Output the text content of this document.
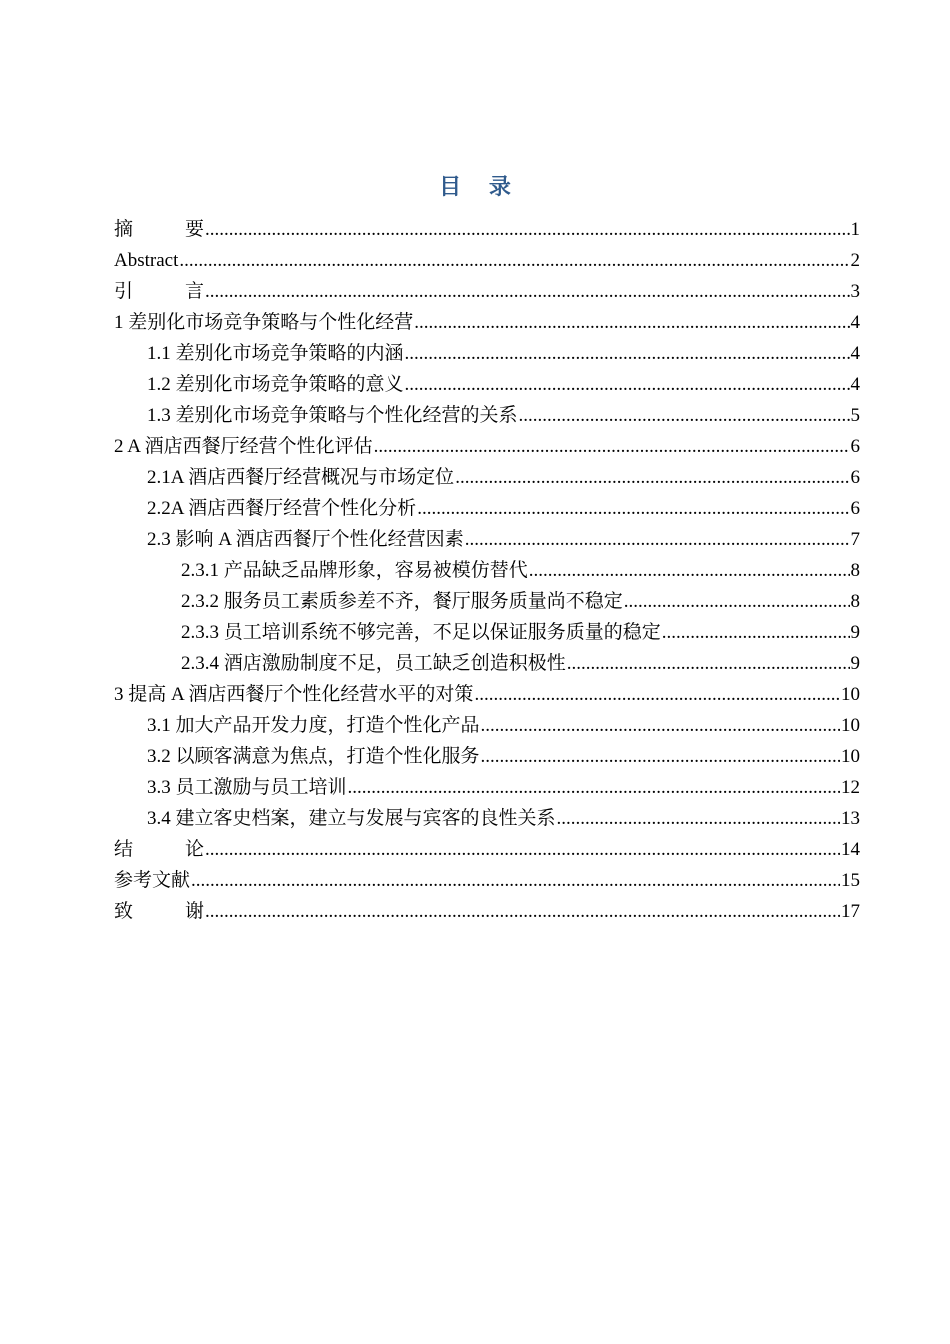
目 录
摘	要 .....	1
Abstract .....	2
引	言 .....	3
1 差别化市场竞争策略与个性化经营 .....	4
1.1 差别化市场竞争策略的内涵 .....	4
1.2 差别化市场竞争策略的意义 .....	4
1.3 差别化市场竞争策略与个性化经营的关系 .....	5
2 A 酒店西餐厅经营个性化评估 .....	6
2.1A 酒店西餐厅经营概况与市场定位 .....	6
2.2A 酒店西餐厅经营个性化分析 .....	6
2.3 影响 A 酒店西餐厅个性化经营因素 .....	7
2.3.1 产品缺乏品牌形象，容易被模仿替代 .....	8
2.3.2 服务员工素质参差不齐，餐厅服务质量尚不稳定 .....	8
2.3.3 员工培训系统不够完善，不足以保证服务质量的稳定 .....	9
2.3.4 酒店激励制度不足，员工缺乏创造积极性 .....	9
3 提高 A 酒店西餐厅个性化经营水平的对策 .....	10
3.1 加大产品开发力度，打造个性化产品 .....	10
3.2 以顾客满意为焦点，打造个性化服务 .....	10
3.3 员工激励与员工培训 .....	12
3.4 建立客史档案，建立与发展与宾客的良性关系 .....	13
结	论 .....	14
参考文献 .....	15
致	谢 .....	17
